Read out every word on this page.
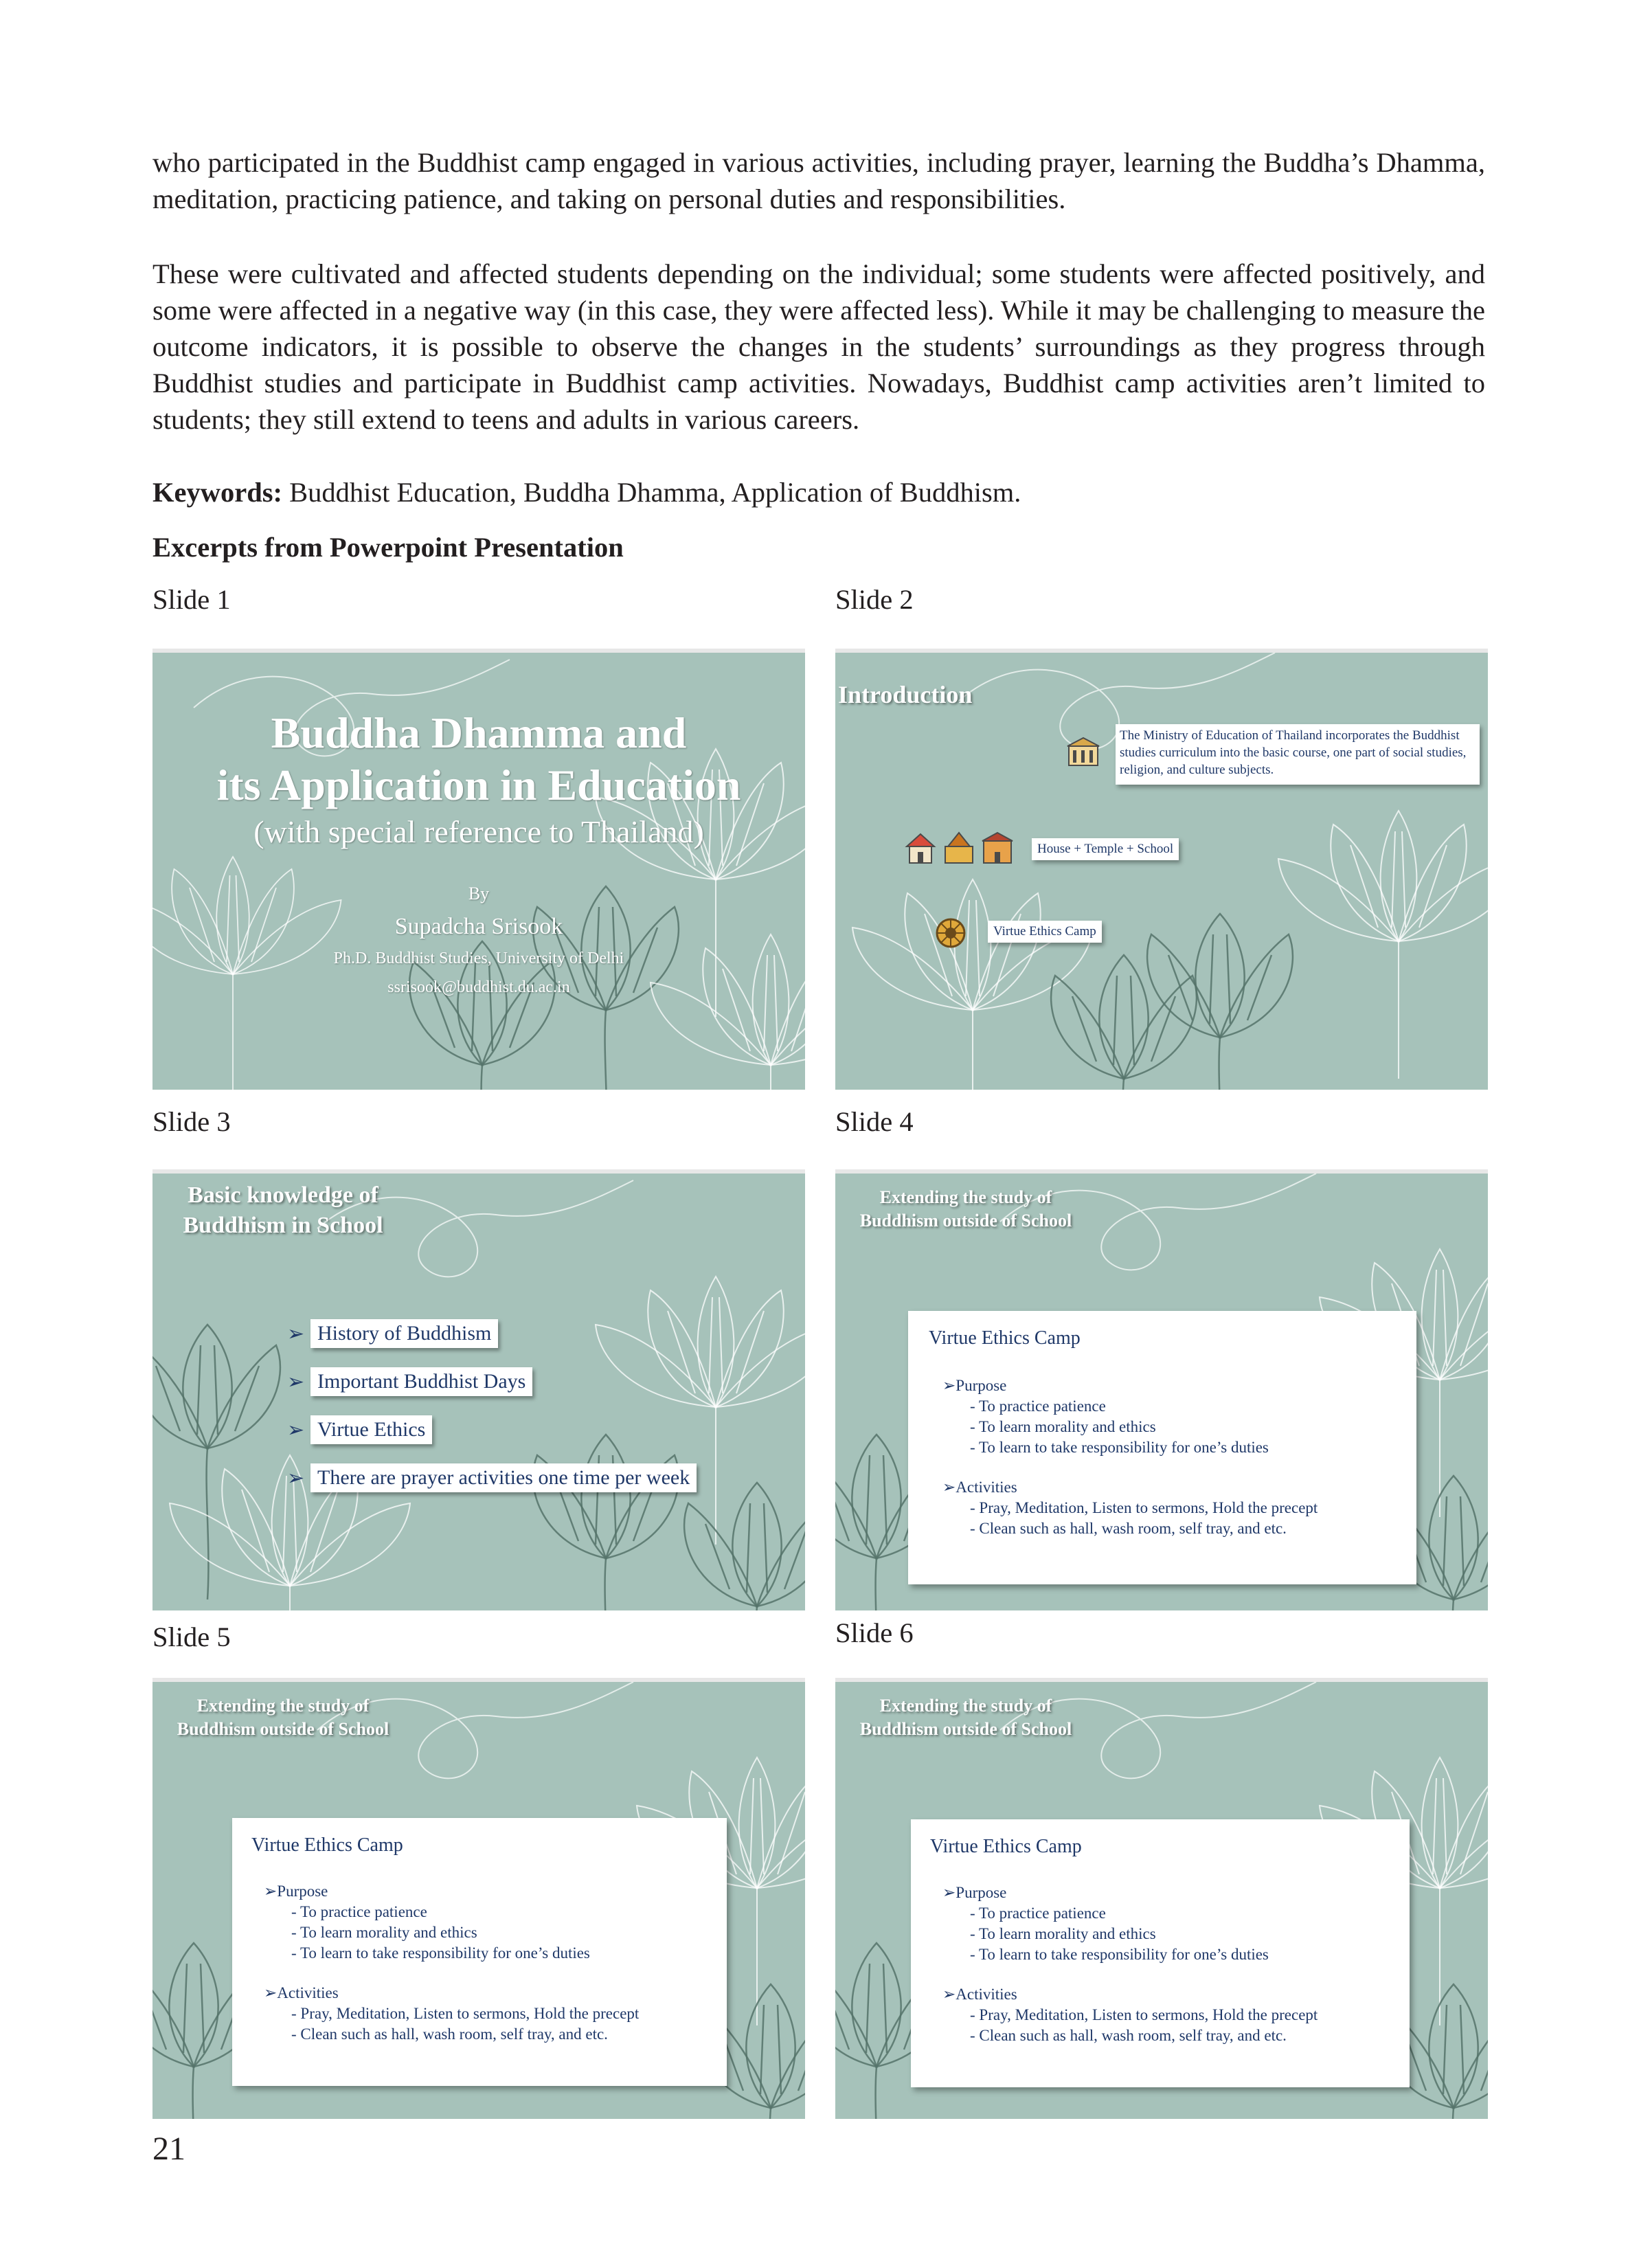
who participated in the Buddhist camp engaged in various activities, including prayer, learning the Buddha’s Dhamma, meditation, practicing patience, and taking on personal duties and responsibilities.

These were cultivated and affected students depending on the individual; some students were affected positively, and some were affected in a negative way (in this case, they were affected less). While it may be challenging to measure the outcome indicators, it is possible to observe the changes in the students’ surroundings as they progress through Buddhist studies and participate in Buddhist camp activities. Nowadays, Buddhist camp activities aren’t limited to students; they still extend to teens and adults in various careers.

Keywords: Buddhist Education, Buddha Dhamma, Application of Buddhism.
Excerpts from Powerpoint Presentation
Slide 1	Slide 2
Slide 3	Slide 4
Slide 5	Slide 6
Buddha Dhamma and
its Application in Education
(with special reference to Thailand)
By
Supadcha Srisook
Ph.D. Buddhist Studies, University of Delhi
ssrisook@buddhist.du.ac.in
Introduction
The Ministry of Education of Thailand incorporates the Buddhist studies curriculum into the basic course, one part of social studies, religion, and culture subjects.
House + Temple + School
Virtue Ethics Camp
Basic knowledge of
Buddhism in School
➢ History of Buddhism
➢ Important Buddhist Days
➢ Virtue Ethics
➢ There are prayer activities one time per week
Extending the study of
Buddhism outside of School
Virtue Ethics Camp
➢Purpose
- To practice patience
- To learn morality and ethics
- To learn to take responsibility for one’s duties
➢Activities
- Pray, Meditation, Listen to sermons, Hold the precept
- Clean such as hall, wash room, self tray, and etc.
Extending the study of
Buddhism outside of School
Virtue Ethics Camp
➢Purpose
- To practice patience
- To learn morality and ethics
- To learn to take responsibility for one’s duties
➢Activities
- Pray, Meditation, Listen to sermons, Hold the precept
- Clean such as hall, wash room, self tray, and etc.
Extending the study of
Buddhism outside of School
Virtue Ethics Camp
➢Purpose
- To practice patience
- To learn morality and ethics
- To learn to take responsibility for one’s duties
➢Activities
- Pray, Meditation, Listen to sermons, Hold the precept
- Clean such as hall, wash room, self tray, and etc.
21
